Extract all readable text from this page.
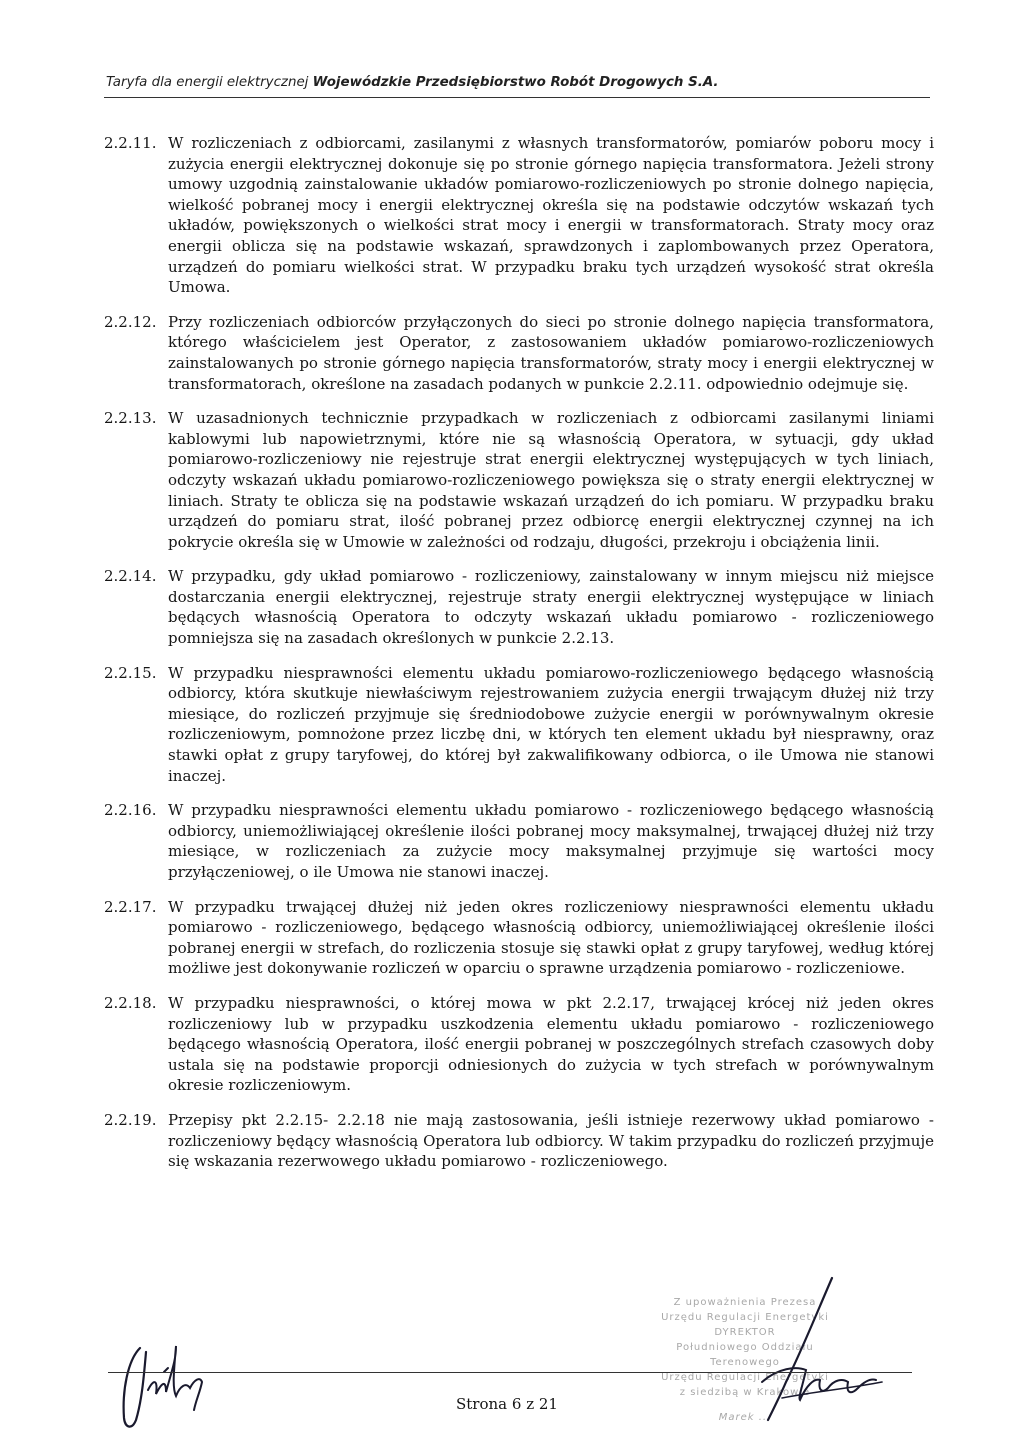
Taryfa dla energii elektrycznej Wojewódzkie Przedsiębiorstwo Robót Drogowych S.A.
2.2.11. W rozliczeniach z odbiorcami, zasilanymi z własnych transformatorów, pomiarów poboru mocy i zużycia energii elektrycznej dokonuje się po stronie górnego napięcia transformatora. Jeżeli strony umowy uzgodnią zainstalowanie układów pomiarowo-rozliczeniowych po stronie dolnego napięcia, wielkość pobranej mocy i energii elektrycznej określa się na podstawie odczytów wskazań tych układów, powiększonych o wielkości strat mocy i energii w transformatorach. Straty mocy oraz energii oblicza się na podstawie wskazań, sprawdzonych i zaplombowanych przez Operatora, urządzeń do pomiaru wielkości strat. W przypadku braku tych urządzeń wysokość strat określa Umowa.
2.2.12. Przy rozliczeniach odbiorców przyłączonych do sieci po stronie dolnego napięcia transformatora, którego właścicielem jest Operator, z zastosowaniem układów pomiarowo-rozliczeniowych zainstalowanych po stronie górnego napięcia transformatorów, straty mocy i energii elektrycznej w transformatorach, określone na zasadach podanych w punkcie 2.2.11. odpowiednio odejmuje się.
2.2.13. W uzasadnionych technicznie przypadkach w rozliczeniach z odbiorcami zasilanymi liniami kablowymi lub napowietrznymi, które nie są własnością Operatora, w sytuacji, gdy układ pomiarowo-rozliczeniowy nie rejestruje strat energii elektrycznej występujących w tych liniach, odczyty wskazań układu pomiarowo-rozliczeniowego powiększa się o straty energii elektrycznej w liniach. Straty te oblicza się na podstawie wskazań urządzeń do ich pomiaru. W przypadku braku urządzeń do pomiaru strat, ilość pobranej przez odbiorcę energii elektrycznej czynnej na ich pokrycie określa się w Umowie w zależności od rodzaju, długości, przekroju i obciążenia linii.
2.2.14. W przypadku, gdy układ pomiarowo - rozliczeniowy, zainstalowany w innym miejscu niż miejsce dostarczania energii elektrycznej, rejestruje straty energii elektrycznej występujące w liniach będących własnością Operatora to odczyty wskazań układu pomiarowo - rozliczeniowego pomniejsza się na zasadach określonych w punkcie 2.2.13.
2.2.15. W przypadku niesprawności elementu układu pomiarowo-rozliczeniowego będącego własnością odbiorcy, która skutkuje niewłaściwym rejestrowaniem zużycia energii trwającym dłużej niż trzy miesiące, do rozliczeń przyjmuje się średniodobowe zużycie energii w porównywalnym okresie rozliczeniowym, pomnożone przez liczbę dni, w których ten element układu był niesprawny, oraz stawki opłat z grupy taryfowej, do której był zakwalifikowany odbiorca, o ile Umowa nie stanowi inaczej.
2.2.16. W przypadku niesprawności elementu układu pomiarowo - rozliczeniowego będącego własnością odbiorcy, uniemożliwiającej określenie ilości pobranej mocy maksymalnej, trwającej dłużej niż trzy miesiące, w rozliczeniach za zużycie mocy maksymalnej przyjmuje się wartości mocy przyłączeniowej, o ile Umowa nie stanowi inaczej.
2.2.17. W przypadku trwającej dłużej niż jeden okres rozliczeniowy niesprawności elementu układu pomiarowo - rozliczeniowego, będącego własnością odbiorcy, uniemożliwiającej określenie ilości pobranej energii w strefach, do rozliczenia stosuje się stawki opłat z grupy taryfowej, według której możliwe jest dokonywanie rozliczeń w oparciu o sprawne urządzenia pomiarowo - rozliczeniowe.
2.2.18. W przypadku niesprawności, o której mowa w pkt 2.2.17, trwającej krócej niż jeden okres rozliczeniowy lub w przypadku uszkodzenia elementu układu pomiarowo - rozliczeniowego będącego własnością Operatora, ilość energii pobranej w poszczególnych strefach czasowych doby ustala się na podstawie proporcji odniesionych do zużycia w tych strefach w porównywalnym okresie rozliczeniowym.
2.2.19. Przepisy pkt 2.2.15- 2.2.18 nie mają zastosowania, jeśli istnieje rezerwowy układ pomiarowo - rozliczeniowy będący własnością Operatora lub odbiorcy. W takim przypadku do rozliczeń przyjmuje się wskazania rezerwowego układu pomiarowo - rozliczeniowego.
Z upoważnienia Prezesa
Urzędu Regulacji Energetyki
DYREKTOR
Południowego Oddziału Terenowego
Urzędu Regulacji Energetyki
z siedzibą w Krakowie
Marek ...
Strona 6 z 21
